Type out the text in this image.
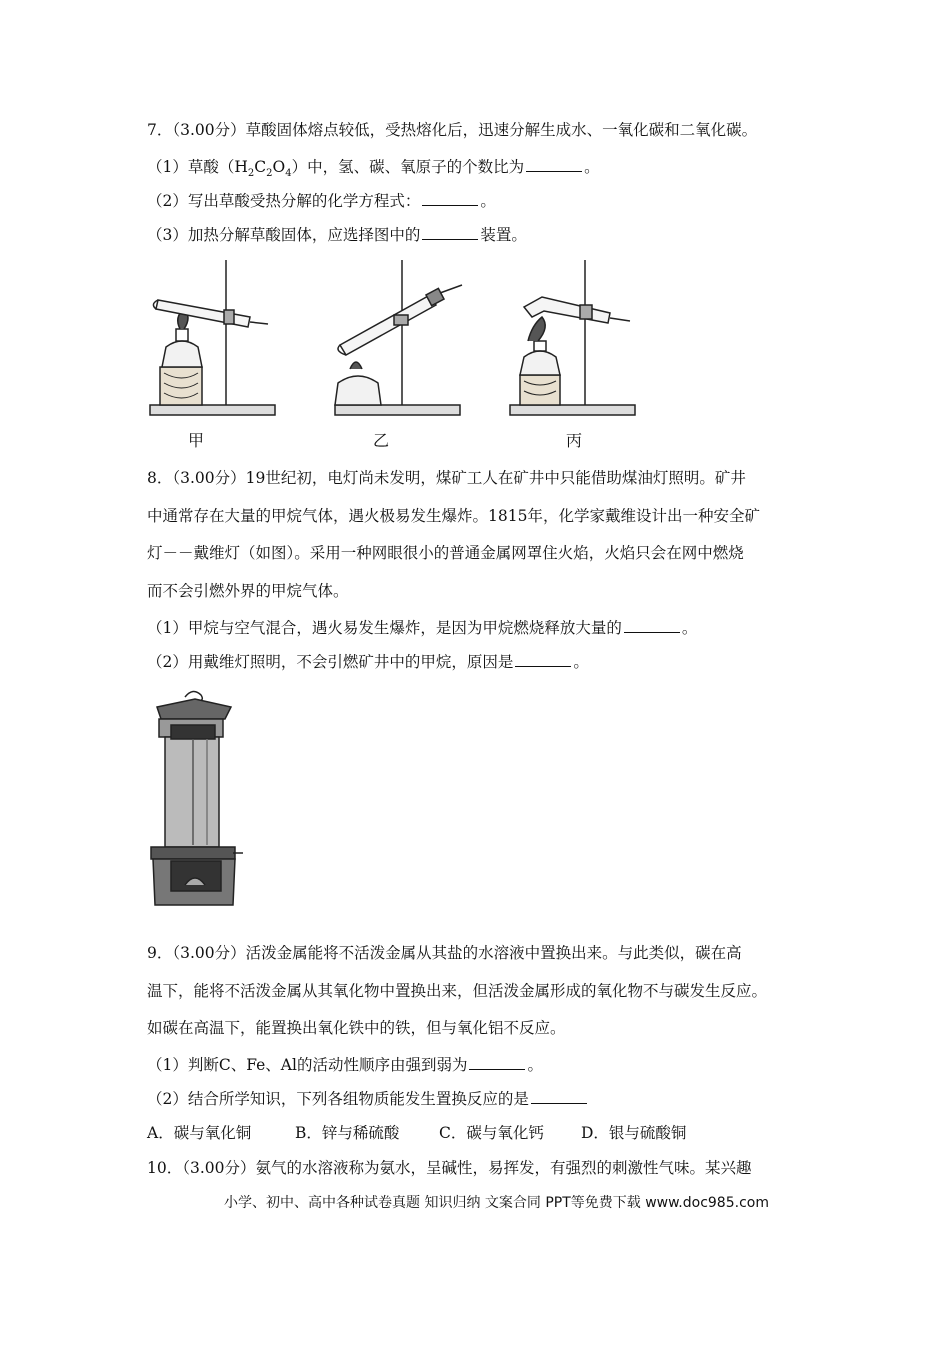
7．（3.00分）草酸固体熔点较低，受热熔化后，迅速分解生成水、一氧化碳和二氧化碳。
（1）草酸$(H_2C_2O_4)$中，氢、碳、氧原子的个数比为	。
（2）写出草酸受热分解的化学方程式：	。
（3）加热分解草酸固体，应选择图中的	装置。
甲	乙	丙
8．（3.00分）19世纪初，电灯尚未发明，煤矿工人在矿井中只能借助煤油灯照明。矿井
中通常存在大量的甲烷气体，遇火极易发生爆炸。1815年，化学家戴维设计出一种安全矿
灯－－戴维灯（如图）。采用一种网眼很小的普通金属网罩住火焰，火焰只会在网中燃烧
而不会引燃外界的甲烷气体。
（1）甲烷与空气混合，遇火易发生爆炸，是因为甲烷燃烧释放大量的	。
（2）用戴维灯照明，不会引燃矿井中的甲烷，原因是	。
9．（3.00分）活泼金属能将不活泼金属从其盐的水溶液中置换出来。与此类似，碳在高
温下，能将不活泼金属从其氧化物中置换出来，但活泼金属形成的氧化物不与碳发生反应。
如碳在高温下，能置换出氧化铁中的铁，但与氧化铝不反应。
（1）判断C、Fe、Al的活动性顺序由强到弱为	。
（2）结合所学知识，下列各组物质能发生置换反应的是
A．碳与氧化铜	B．锌与稀硫酸	C．碳与氧化钙 D．银与硫酸铜
10．（3.00分）氨气的水溶液称为氨水，呈碱性，易挥发，有强烈的刺激性气味。某兴趣
小学、初中、高中各种试卷真题 知识归纳 文案合同 PPT等免费下载 www.doc985.com
